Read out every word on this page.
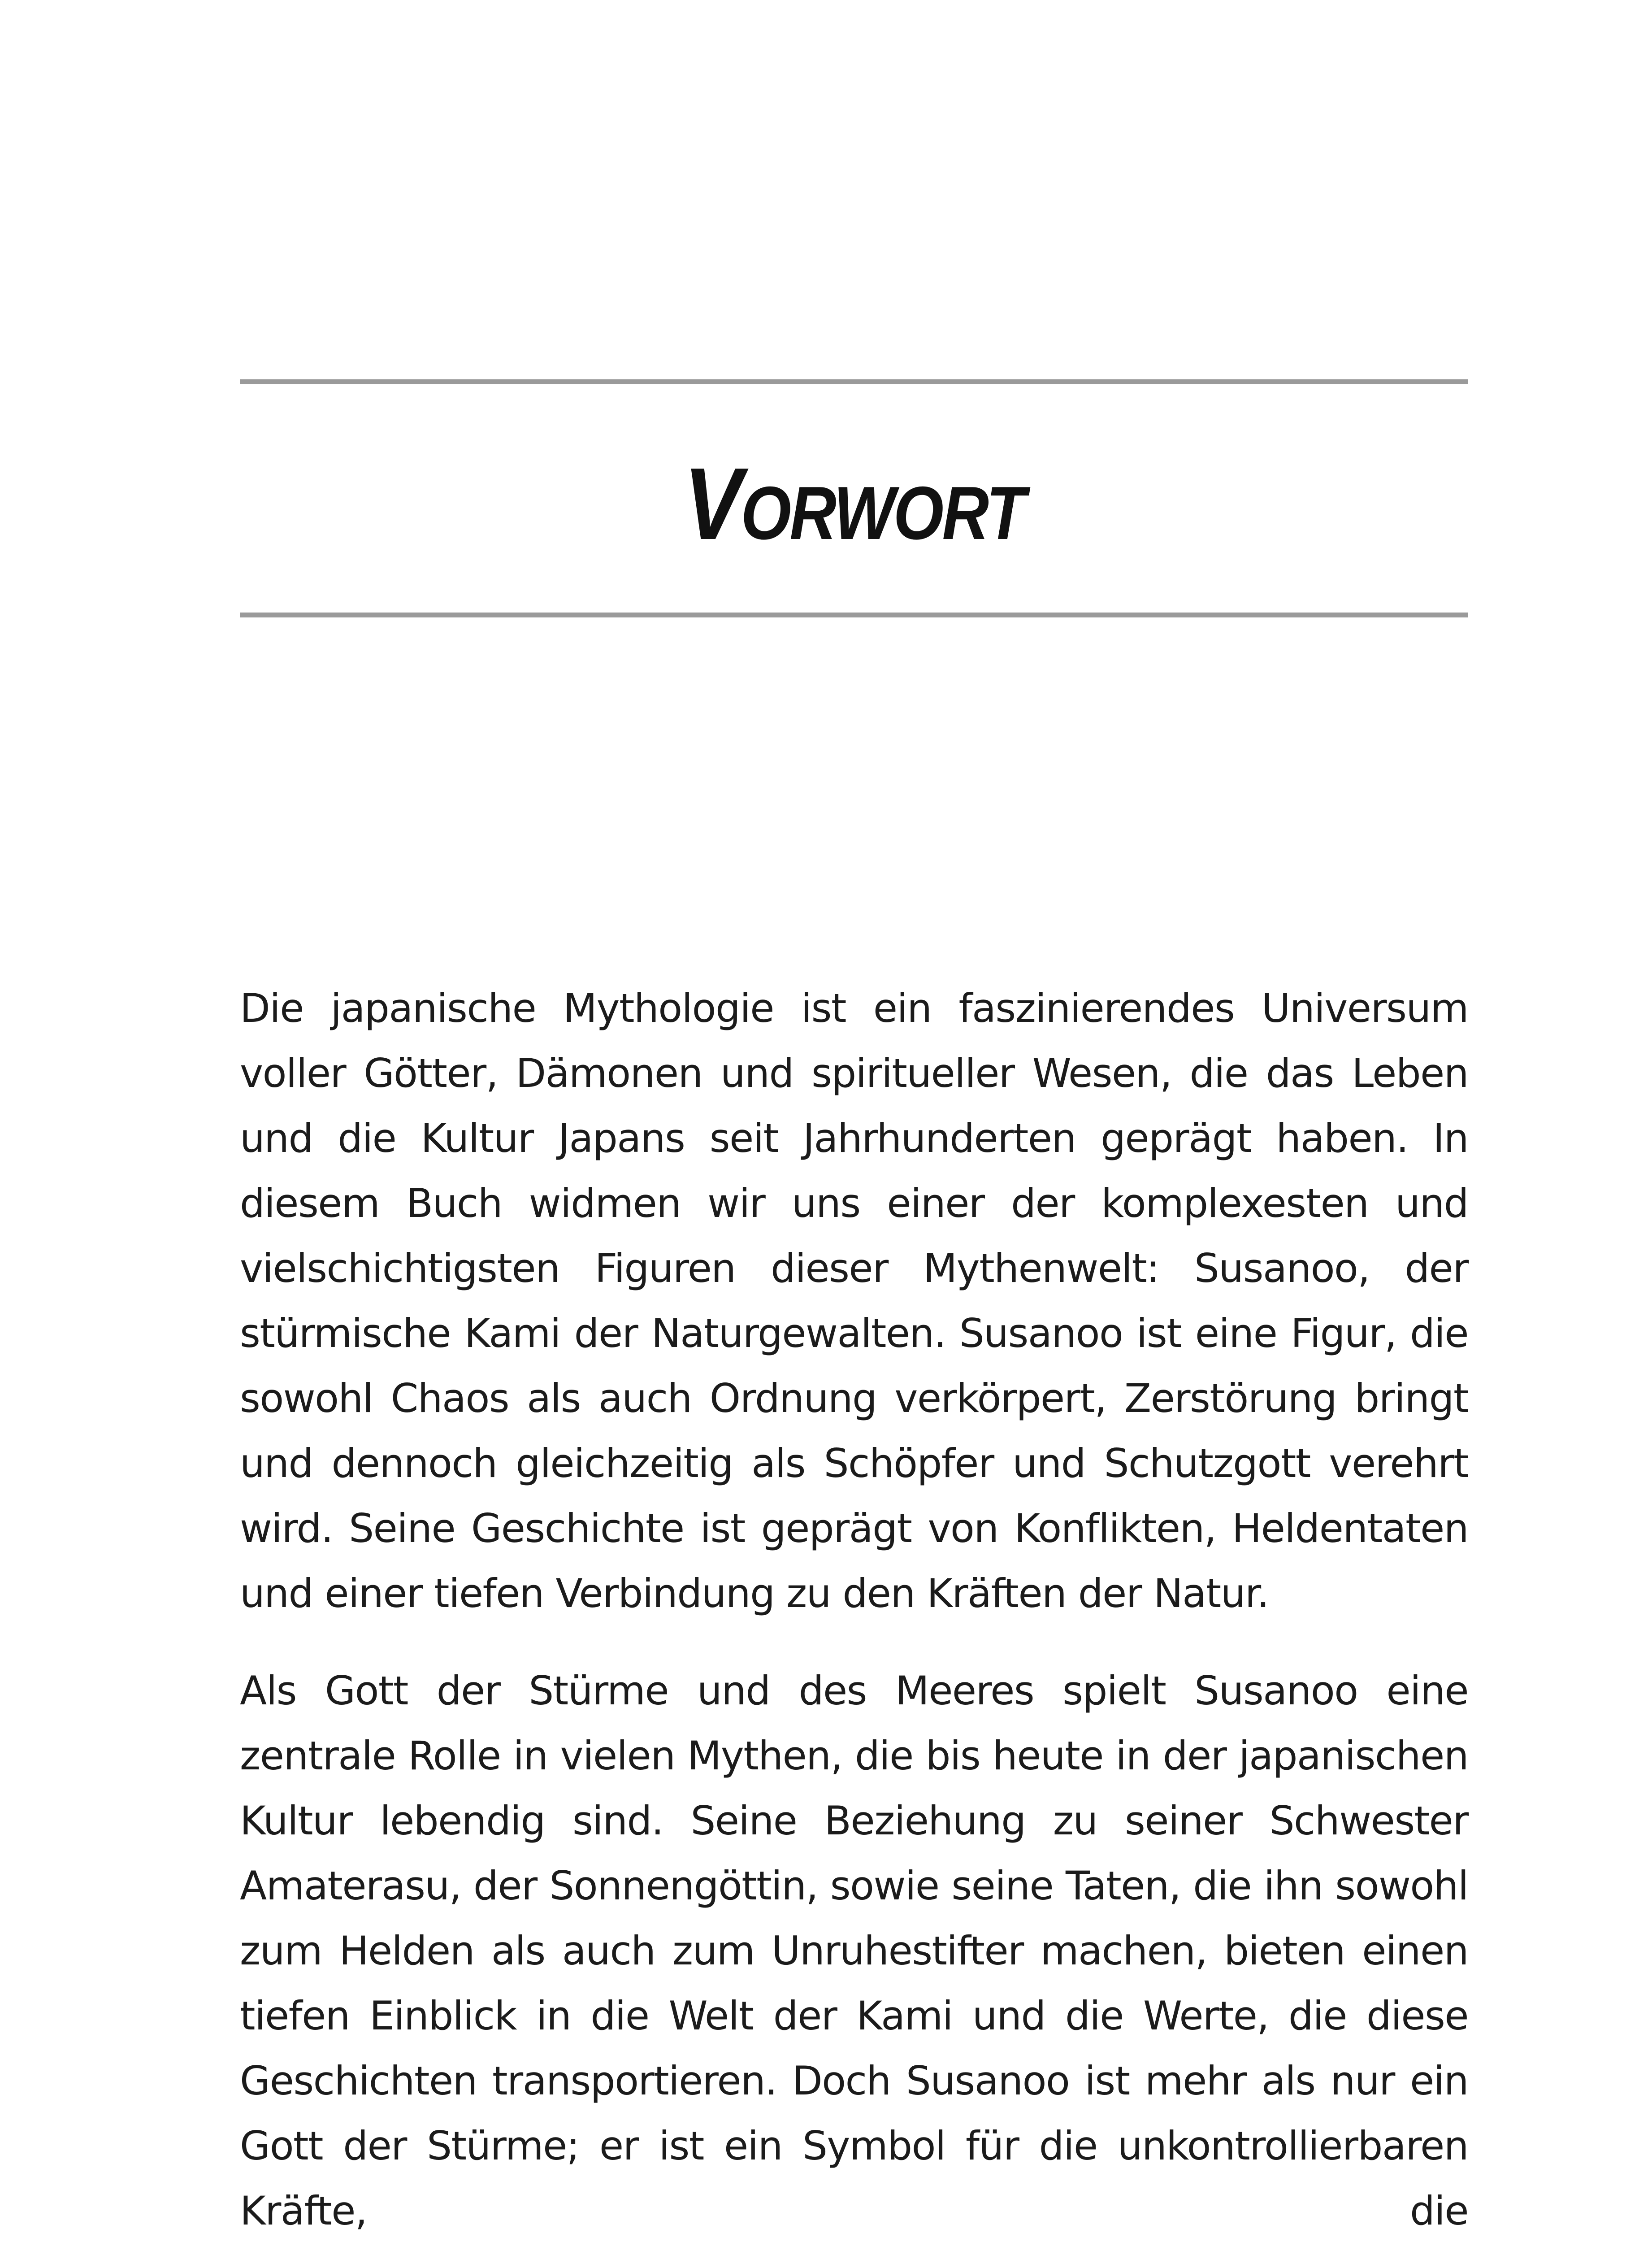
VORWORT

Die japanische Mythologie ist ein faszinierendes Universum voller Götter, Dämonen und spiritueller Wesen, die das Leben und die Kultur Japans seit Jahrhunderten geprägt haben. In diesem Buch widmen wir uns einer der komplexesten und vielschichtigsten Figuren dieser Mythenwelt: Susanoo, der stürmische Kami der Naturgewalten. Susanoo ist eine Figur, die sowohl Chaos als auch Ordnung verkörpert, Zerstörung bringt und dennoch gleichzeitig als Schöpfer und Schutzgott verehrt wird. Seine Geschichte ist geprägt von Konflikten, Heldentaten und einer tiefen Verbindung zu den Kräften der Natur.

Als Gott der Stürme und des Meeres spielt Susanoo eine zentrale Rolle in vielen Mythen, die bis heute in der japanischen Kultur lebendig sind. Seine Beziehung zu seiner Schwester Amaterasu, der Sonnengöttin, sowie seine Taten, die ihn sowohl zum Helden als auch zum Unruhestifter machen, bieten einen tiefen Einblick in die Welt der Kami und die Werte, die diese Geschichten transportieren. Doch Susanoo ist mehr als nur ein Gott der Stürme; er ist ein Symbol für die unkontrollierbaren Kräfte, die
